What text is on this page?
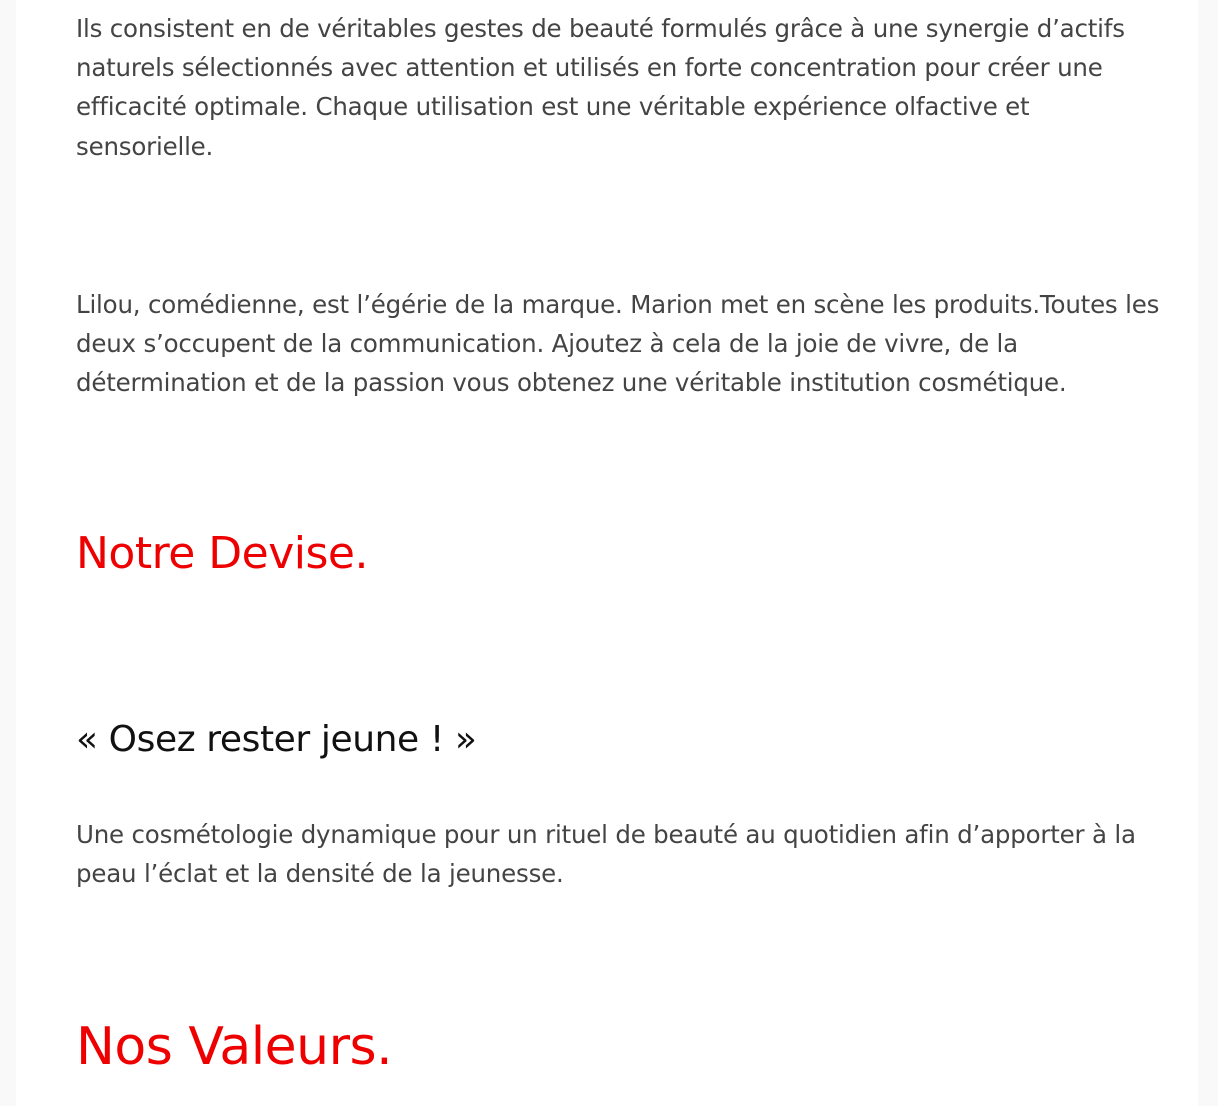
Ils consistent en de véritables gestes de beauté formulés grâce à une synergie d’actifs
naturels sélectionnés avec attention et utilisés en forte concentration pour créer une
efficacité optimale. Chaque utilisation est une véritable expérience olfactive et
sensorielle.

Lilou, comédienne, est l’égérie de la marque. Marion met en scène les produits.Toutes les
deux s’occupent de la communication. Ajoutez à cela de la joie de vivre, de la
détermination et de la passion vous obtenez une véritable institution cosmétique.

Notre Devise.
« Osez rester jeune ! »

Une cosmétologie dynamique pour un rituel de beauté au quotidien afin d’apporter à la
peau l’éclat et la densité de la jeunesse.

Nos Valeurs.
